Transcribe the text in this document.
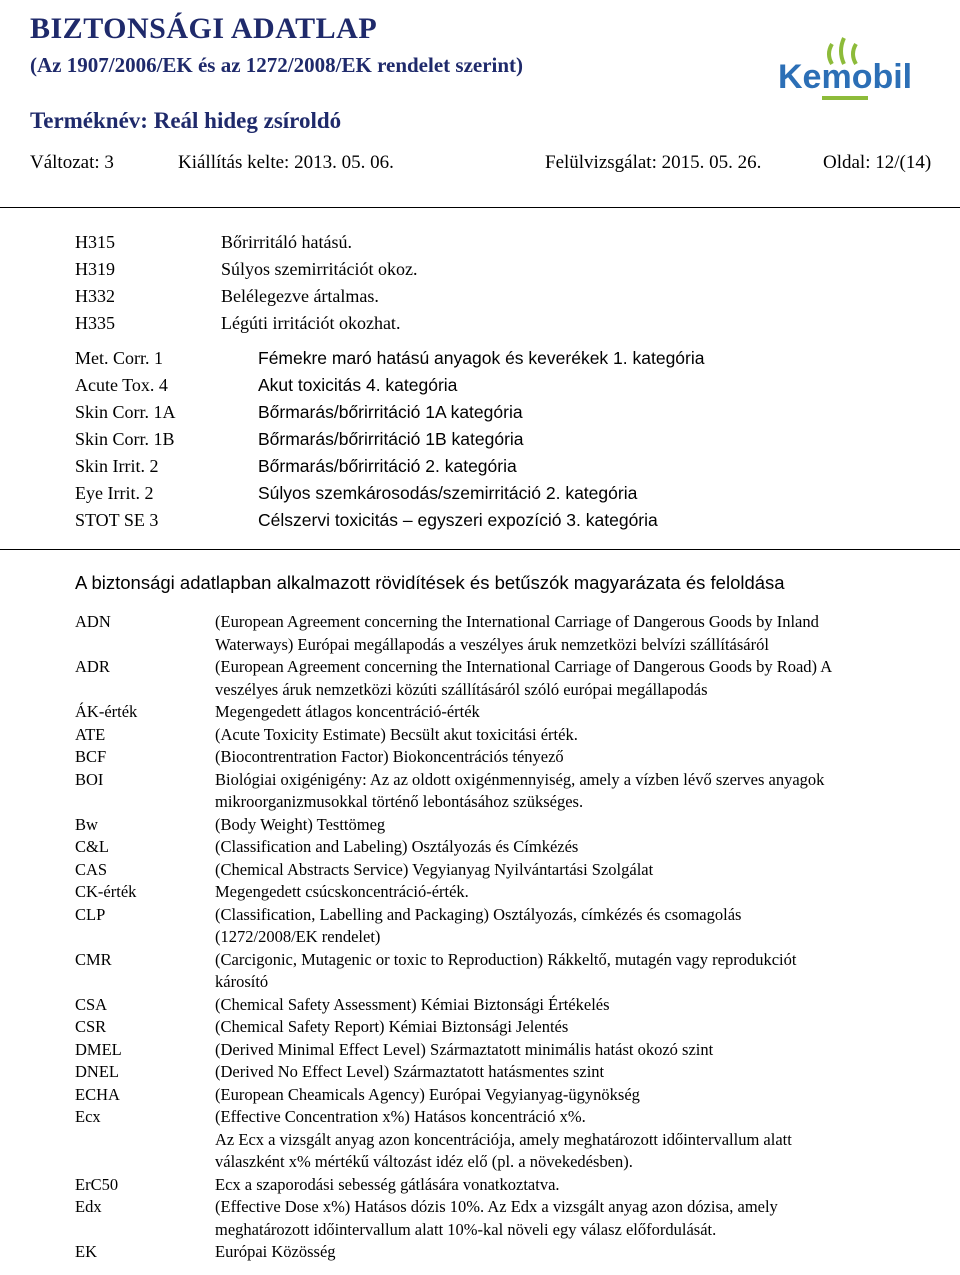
BIZTONSÁGI ADATLAP
(Az 1907/2006/EK és az 1272/2008/EK rendelet szerint)
Terméknév: Reál hideg zsíroldó
Kemobil
Változat: 3	Kiállítás kelte: 2013. 05. 06.	Felülvizsgálat: 2015. 05. 26.	Oldal: 12/(14)
H315	Bőrirritáló hatású.
H319	Súlyos szemirritációt okoz.
H332	Belélegezve ártalmas.
H335	Légúti irritációt okozhat.
Met. Corr. 1	Fémekre maró hatású anyagok és keverékek 1. kategória
Acute Tox. 4	Akut toxicitás 4. kategória
Skin Corr. 1A	Bőrmarás/bőrirritáció 1A kategória
Skin Corr. 1B	Bőrmarás/bőrirritáció 1B kategória
Skin Irrit. 2	Bőrmarás/bőrirritáció 2. kategória
Eye Irrit. 2	Súlyos szemkárosodás/szemirritáció 2. kategória
STOT SE 3	Célszervi toxicitás – egyszeri expozíció 3. kategória
A biztonsági adatlapban alkalmazott rövidítések és betűszók magyarázata és feloldása
ADN	(European Agreement concerning the International Carriage of Dangerous Goods by Inland
Waterways) Európai megállapodás a veszélyes áruk nemzetközi belvízi szállításáról
ADR	(European Agreement concerning the International Carriage of Dangerous Goods by Road) A
veszélyes áruk nemzetközi közúti szállításáról szóló európai megállapodás
ÁK-érték	Megengedett átlagos koncentráció-érték
ATE	(Acute Toxicity Estimate) Becsült akut toxicitási érték.
BCF	(Biocontrentration Factor) Biokoncentrációs tényező
BOI	Biológiai oxigénigény: Az az oldott oxigénmennyiség, amely a vízben lévő szerves anyagok
mikroorganizmusokkal történő lebontásához szükséges.
Bw	(Body Weight) Testtömeg
C&L	(Classification and Labeling) Osztályozás és Címkézés
CAS	(Chemical Abstracts Service) Vegyianyag Nyilvántartási Szolgálat
CK-érték	Megengedett csúcskoncentráció-érték.
CLP	(Classification, Labelling and Packaging) Osztályozás, címkézés és csomagolás
(1272/2008/EK rendelet)
CMR	(Carcigonic, Mutagenic or toxic to Reproduction) Rákkeltő, mutagén vagy reprodukciót
károsító
CSA	(Chemical Safety Assessment) Kémiai Biztonsági Értékelés
CSR	(Chemical Safety Report) Kémiai Biztonsági Jelentés
DMEL	(Derived Minimal Effect Level) Származtatott minimális hatást okozó szint
DNEL	(Derived No Effect Level) Származtatott hatásmentes szint
ECHA	(European Cheamicals Agency) Európai Vegyianyag-ügynökség
Ecx	(Effective Concentration x%) Hatásos koncentráció x%.
Az Ecx a vizsgált anyag azon koncentrációja, amely meghatározott időintervallum alatt
válaszként x% mértékű változást idéz elő (pl. a növekedésben).
ErC50	Ecx a szaporodási sebesség gátlására vonatkoztatva.
Edx	(Effective Dose x%) Hatásos dózis 10%. Az Edx a vizsgált anyag azon dózisa, amely
meghatározott időintervallum alatt 10%-kal növeli egy válasz előfordulását.
EK	Európai Közösség
